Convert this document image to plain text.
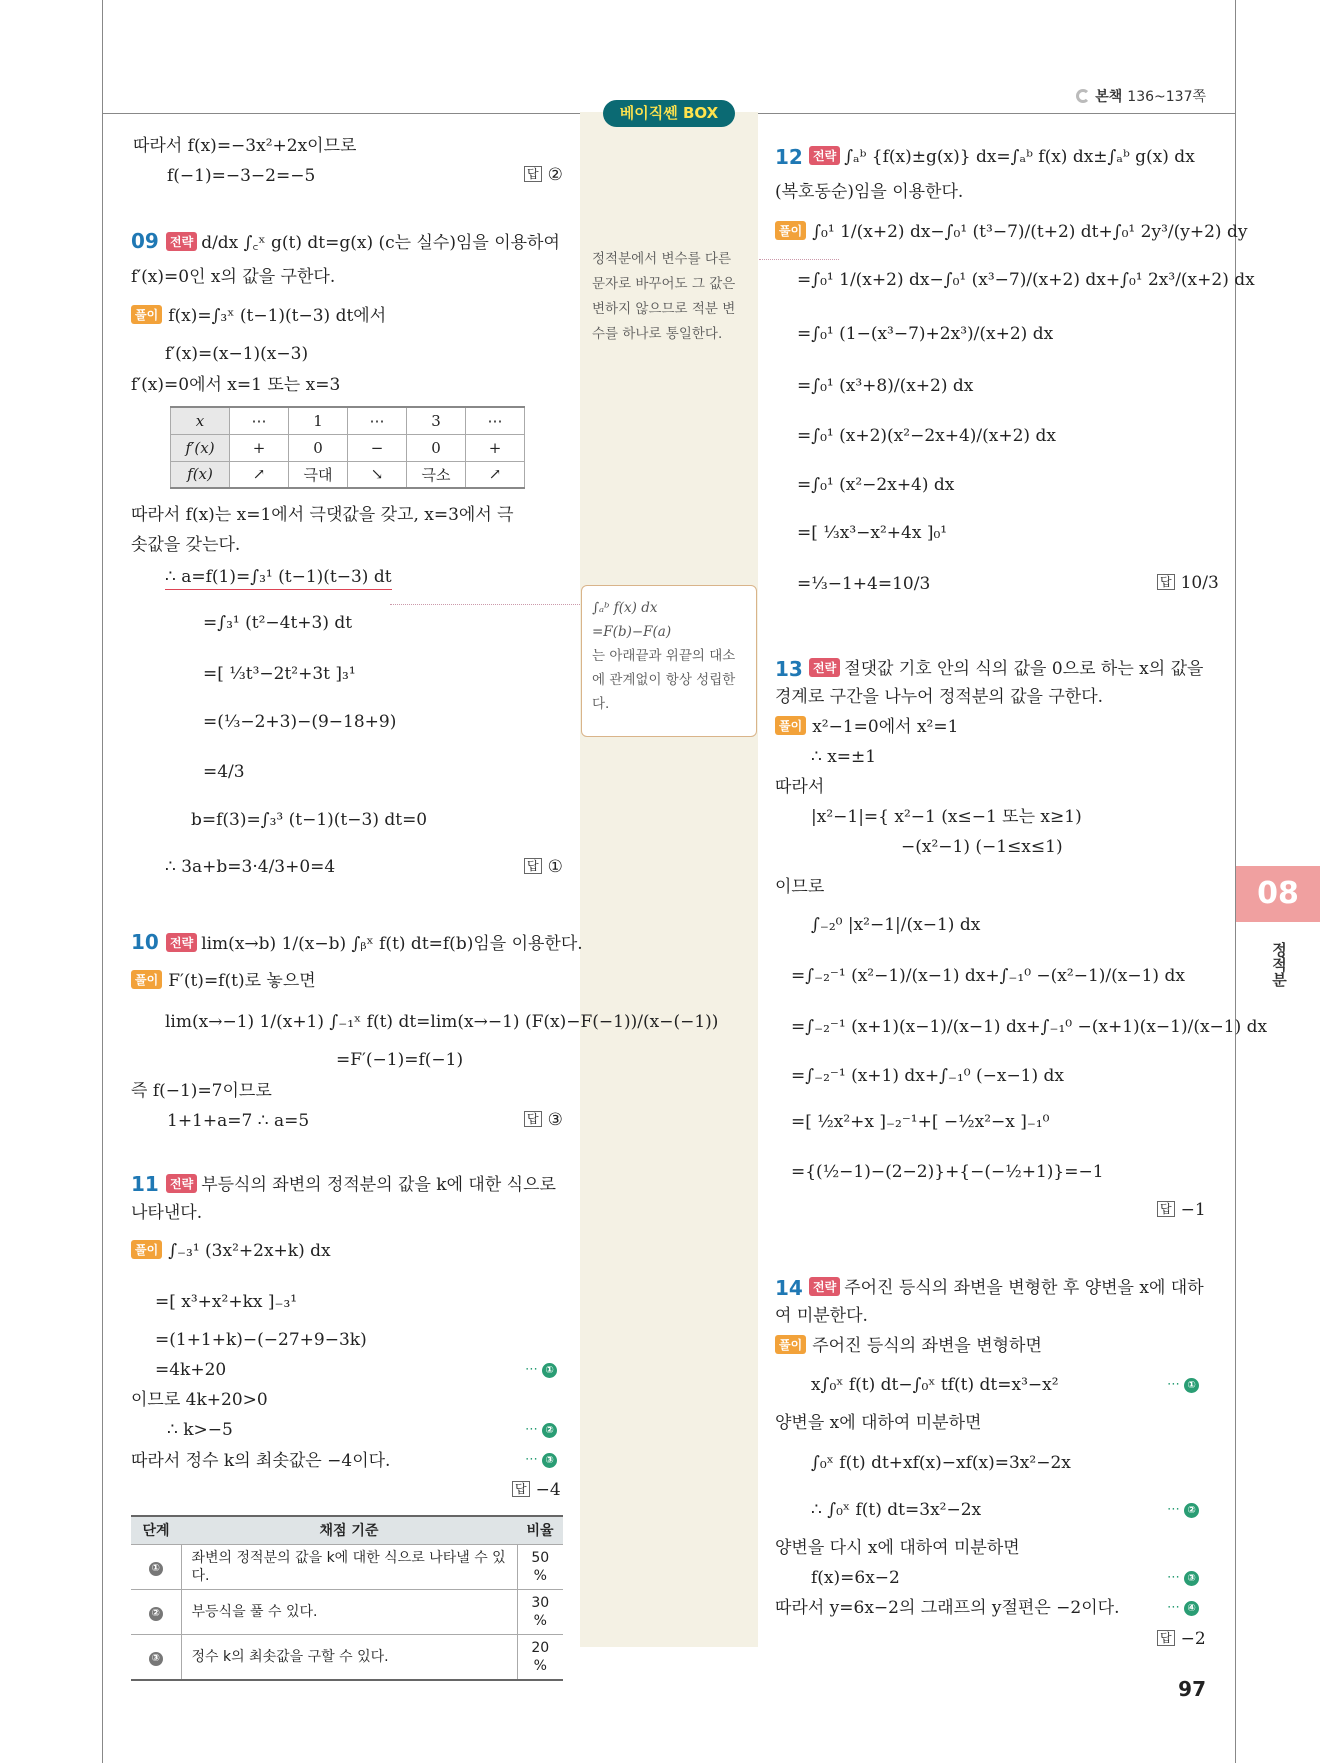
본책 136~137쪽
베이직쎈 BOX
정적분에서 변수를 다른
문자로 바꾸어도 그 값은
변하지 않으므로 적분 변
수를 하나로 통일한다.
∫ₐᵇ f(x) dx
=F(b)−F(a)
는 아래끝과 위끝의 대소
에 관계없이 항상 성립한
다.
08
정적분
따라서 f(x)=−3x²+2x이므로
f(−1)=−3−2=−5	답 ②
09 전략 d/dx ∫꜀ˣ g(t) dt=g(x) (c는 실수)임을 이용하여
f′(x)=0인 x의 값을 구한다.
풀이 f(x)=∫₃ˣ (t−1)(t−3) dt에서
f′(x)=(x−1)(x−3)
f′(x)=0에서 x=1 또는 x=3
x	⋯	1	⋯	3	⋯
f′(x)	+	0	−	0	+
f(x)	↗	극대	↘	극소	↗
따라서 f(x)는 x=1에서 극댓값을 갖고, x=3에서 극
솟값을 갖는다.
∴ a=f(1)=∫₃¹ (t−1)(t−3) dt
=∫₃¹ (t²−4t+3) dt
=[ ⅓t³−2t²+3t ]₃¹
=(⅓−2+3)−(9−18+9)
=4/3
b=f(3)=∫₃³ (t−1)(t−3) dt=0
∴ 3a+b=3·4/3+0=4	답 ①
10 전략 lim(x→b) 1/(x−b) ∫ᵦˣ f(t) dt=f(b)임을 이용한다.
풀이 F′(t)=f(t)로 놓으면
lim(x→−1) 1/(x+1) ∫₋₁ˣ f(t) dt=lim(x→−1) (F(x)−F(−1))/(x−(−1))
=F′(−1)=f(−1)
즉 f(−1)=7이므로
1+1+a=7 ∴ a=5	답 ③
11 전략 부등식의 좌변의 정적분의 값을 k에 대한 식으로
나타낸다.
풀이 ∫₋₃¹ (3x²+2x+k) dx
=[ x³+x²+kx ]₋₃¹
=(1+1+k)−(−27+9−3k)
=4k+20
이므로 4k+20>0
∴ k>−5
따라서 정수 k의 최솟값은 −4이다.
⋯ ①
⋯ ②
⋯ ③
답 −4
단계	채점 기준	비율
①	좌변의 정적분의 값을 k에 대한 식으로 나타낼 수 있다.	50 %
②	부등식을 풀 수 있다.	30 %
③	정수 k의 최솟값을 구할 수 있다.	20 %
12 전략 ∫ₐᵇ {f(x)±g(x)} dx=∫ₐᵇ f(x) dx±∫ₐᵇ g(x) dx
(복호동순)임을 이용한다.
풀이 ∫₀¹ 1/(x+2) dx−∫₀¹ (t³−7)/(t+2) dt+∫₀¹ 2y³/(y+2) dy
=∫₀¹ 1/(x+2) dx−∫₀¹ (x³−7)/(x+2) dx+∫₀¹ 2x³/(x+2) dx
=∫₀¹ (1−(x³−7)+2x³)/(x+2) dx
=∫₀¹ (x³+8)/(x+2) dx
=∫₀¹ (x+2)(x²−2x+4)/(x+2) dx
=∫₀¹ (x²−2x+4) dx
=[ ⅓x³−x²+4x ]₀¹
=⅓−1+4=10/3	답 10/3
13 전략 절댓값 기호 안의 식의 값을 0으로 하는 x의 값을
경계로 구간을 나누어 정적분의 값을 구한다.
풀이 x²−1=0에서 x²=1
∴ x=±1
따라서
|x²−1|={ x²−1 (x≤−1 또는 x≥1)
−(x²−1) (−1≤x≤1)
이므로
∫₋₂⁰ |x²−1|/(x−1) dx
=∫₋₂⁻¹ (x²−1)/(x−1) dx+∫₋₁⁰ −(x²−1)/(x−1) dx
=∫₋₂⁻¹ (x+1)(x−1)/(x−1) dx+∫₋₁⁰ −(x+1)(x−1)/(x−1) dx
=∫₋₂⁻¹ (x+1) dx+∫₋₁⁰ (−x−1) dx
=[ ½x²+x ]₋₂⁻¹+[ −½x²−x ]₋₁⁰
={(½−1)−(2−2)}+{−(−½+1)}=−1
답 −1
14 전략 주어진 등식의 좌변을 변형한 후 양변을 x에 대하
여 미분한다.
풀이 주어진 등식의 좌변을 변형하면
x∫₀ˣ f(t) dt−∫₀ˣ tf(t) dt=x³−x²
양변을 x에 대하여 미분하면
∫₀ˣ f(t) dt+xf(x)−xf(x)=3x²−2x
∴ ∫₀ˣ f(t) dt=3x²−2x
양변을 다시 x에 대하여 미분하면
f(x)=6x−2
따라서 y=6x−2의 그래프의 y절편은 −2이다.
⋯ ①
⋯ ②
⋯ ③
⋯ ④
답 −2
97
